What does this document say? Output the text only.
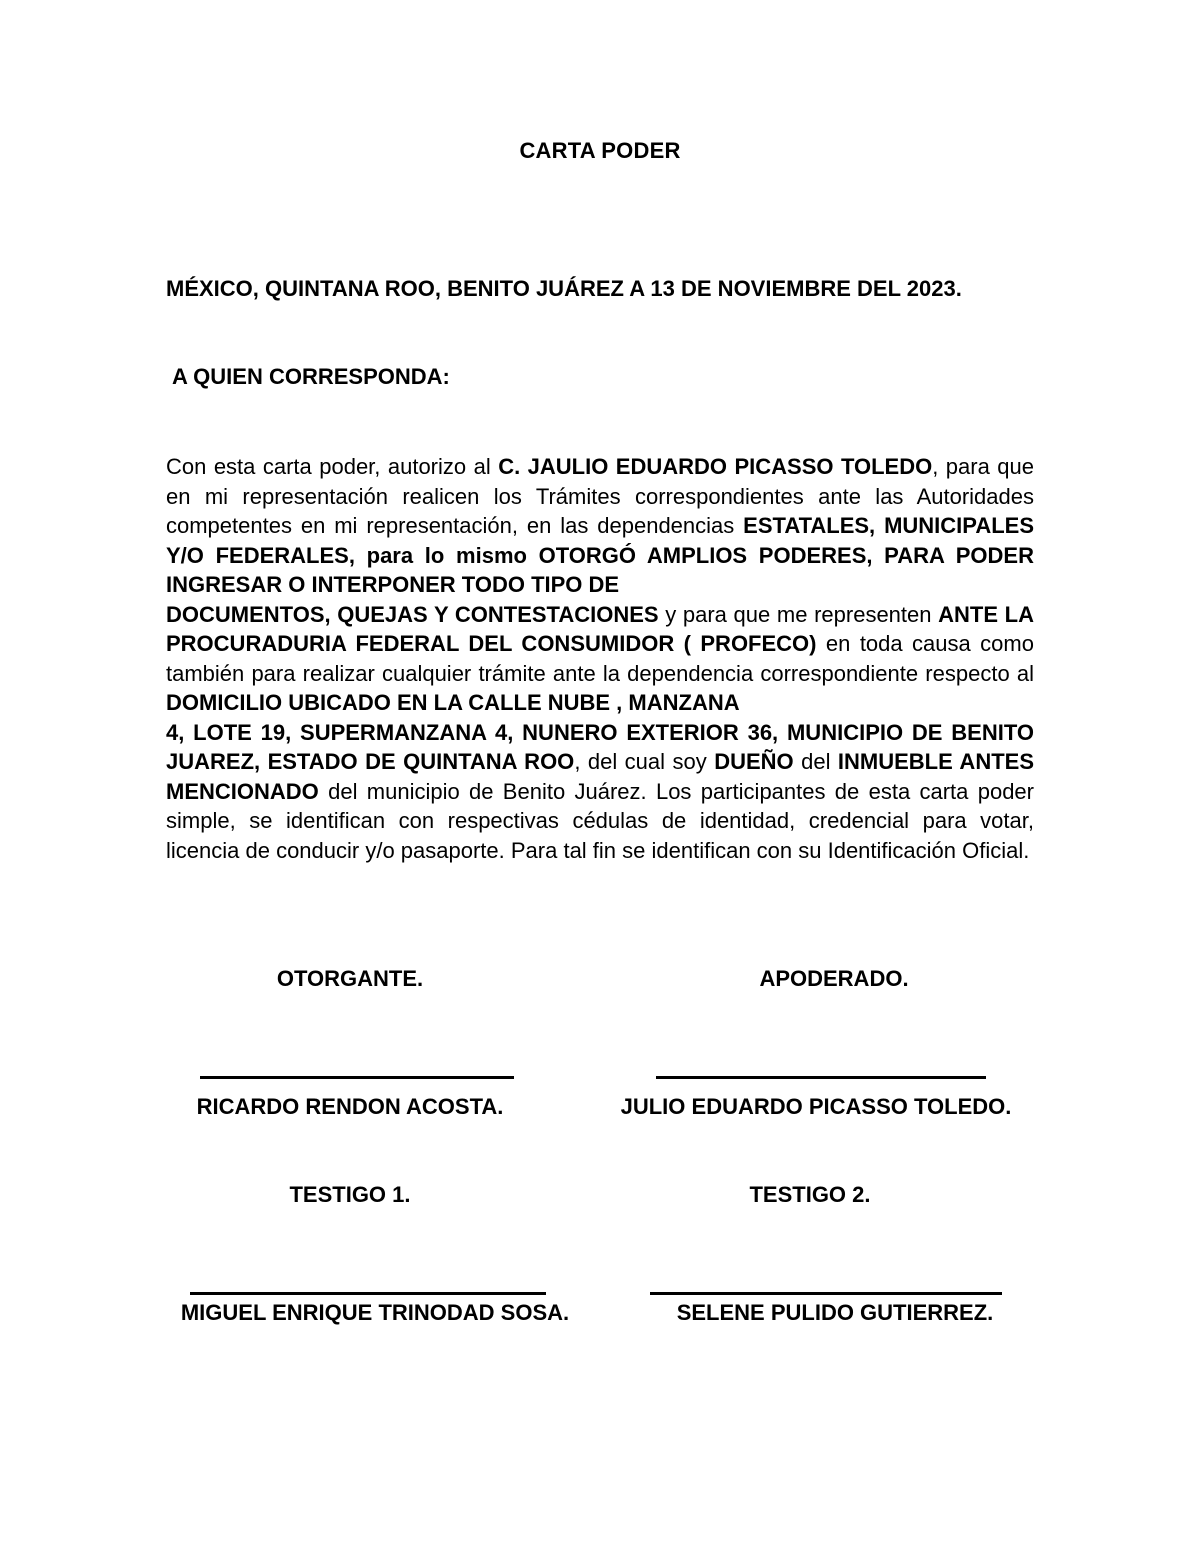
CARTA PODER
MÉXICO, QUINTANA ROO, BENITO JUÁREZ A 13 DE NOVIEMBRE DEL 2023.
A QUIEN CORRESPONDA:
Con esta carta poder, autorizo al C. JAULIO EDUARDO PICASSO TOLEDO, para que en mi representación realicen los Trámites correspondientes ante las Autoridades competentes en mi representación, en las dependencias ESTATALES, MUNICIPALES Y/O FEDERALES, para lo mismo OTORGÓ AMPLIOS PODERES, PARA PODER INGRESAR O INTERPONER TODO TIPO DE
DOCUMENTOS, QUEJAS Y CONTESTACIONES y para que me representen ANTE LA PROCURADURIA FEDERAL DEL CONSUMIDOR ( PROFECO) en toda causa como también para realizar cualquier trámite ante la dependencia correspondiente respecto al DOMICILIO UBICADO EN LA CALLE NUBE , MANZANA
4, LOTE 19, SUPERMANZANA 4, NUNERO EXTERIOR 36, MUNICIPIO DE BENITO JUAREZ, ESTADO DE QUINTANA ROO, del cual soy DUEÑO del INMUEBLE ANTES MENCIONADO del municipio de Benito Juárez. Los participantes de esta carta poder simple, se identifican con respectivas cédulas de identidad, credencial para votar, licencia de conducir y/o pasaporte. Para tal fin se identifican con su Identificación Oficial.
OTORGANTE.	APODERADO.
RICARDO RENDON ACOSTA.	JULIO EDUARDO PICASSO TOLEDO.
TESTIGO 1.	TESTIGO 2.
MIGUEL ENRIQUE TRINODAD SOSA.	SELENE PULIDO GUTIERREZ.
